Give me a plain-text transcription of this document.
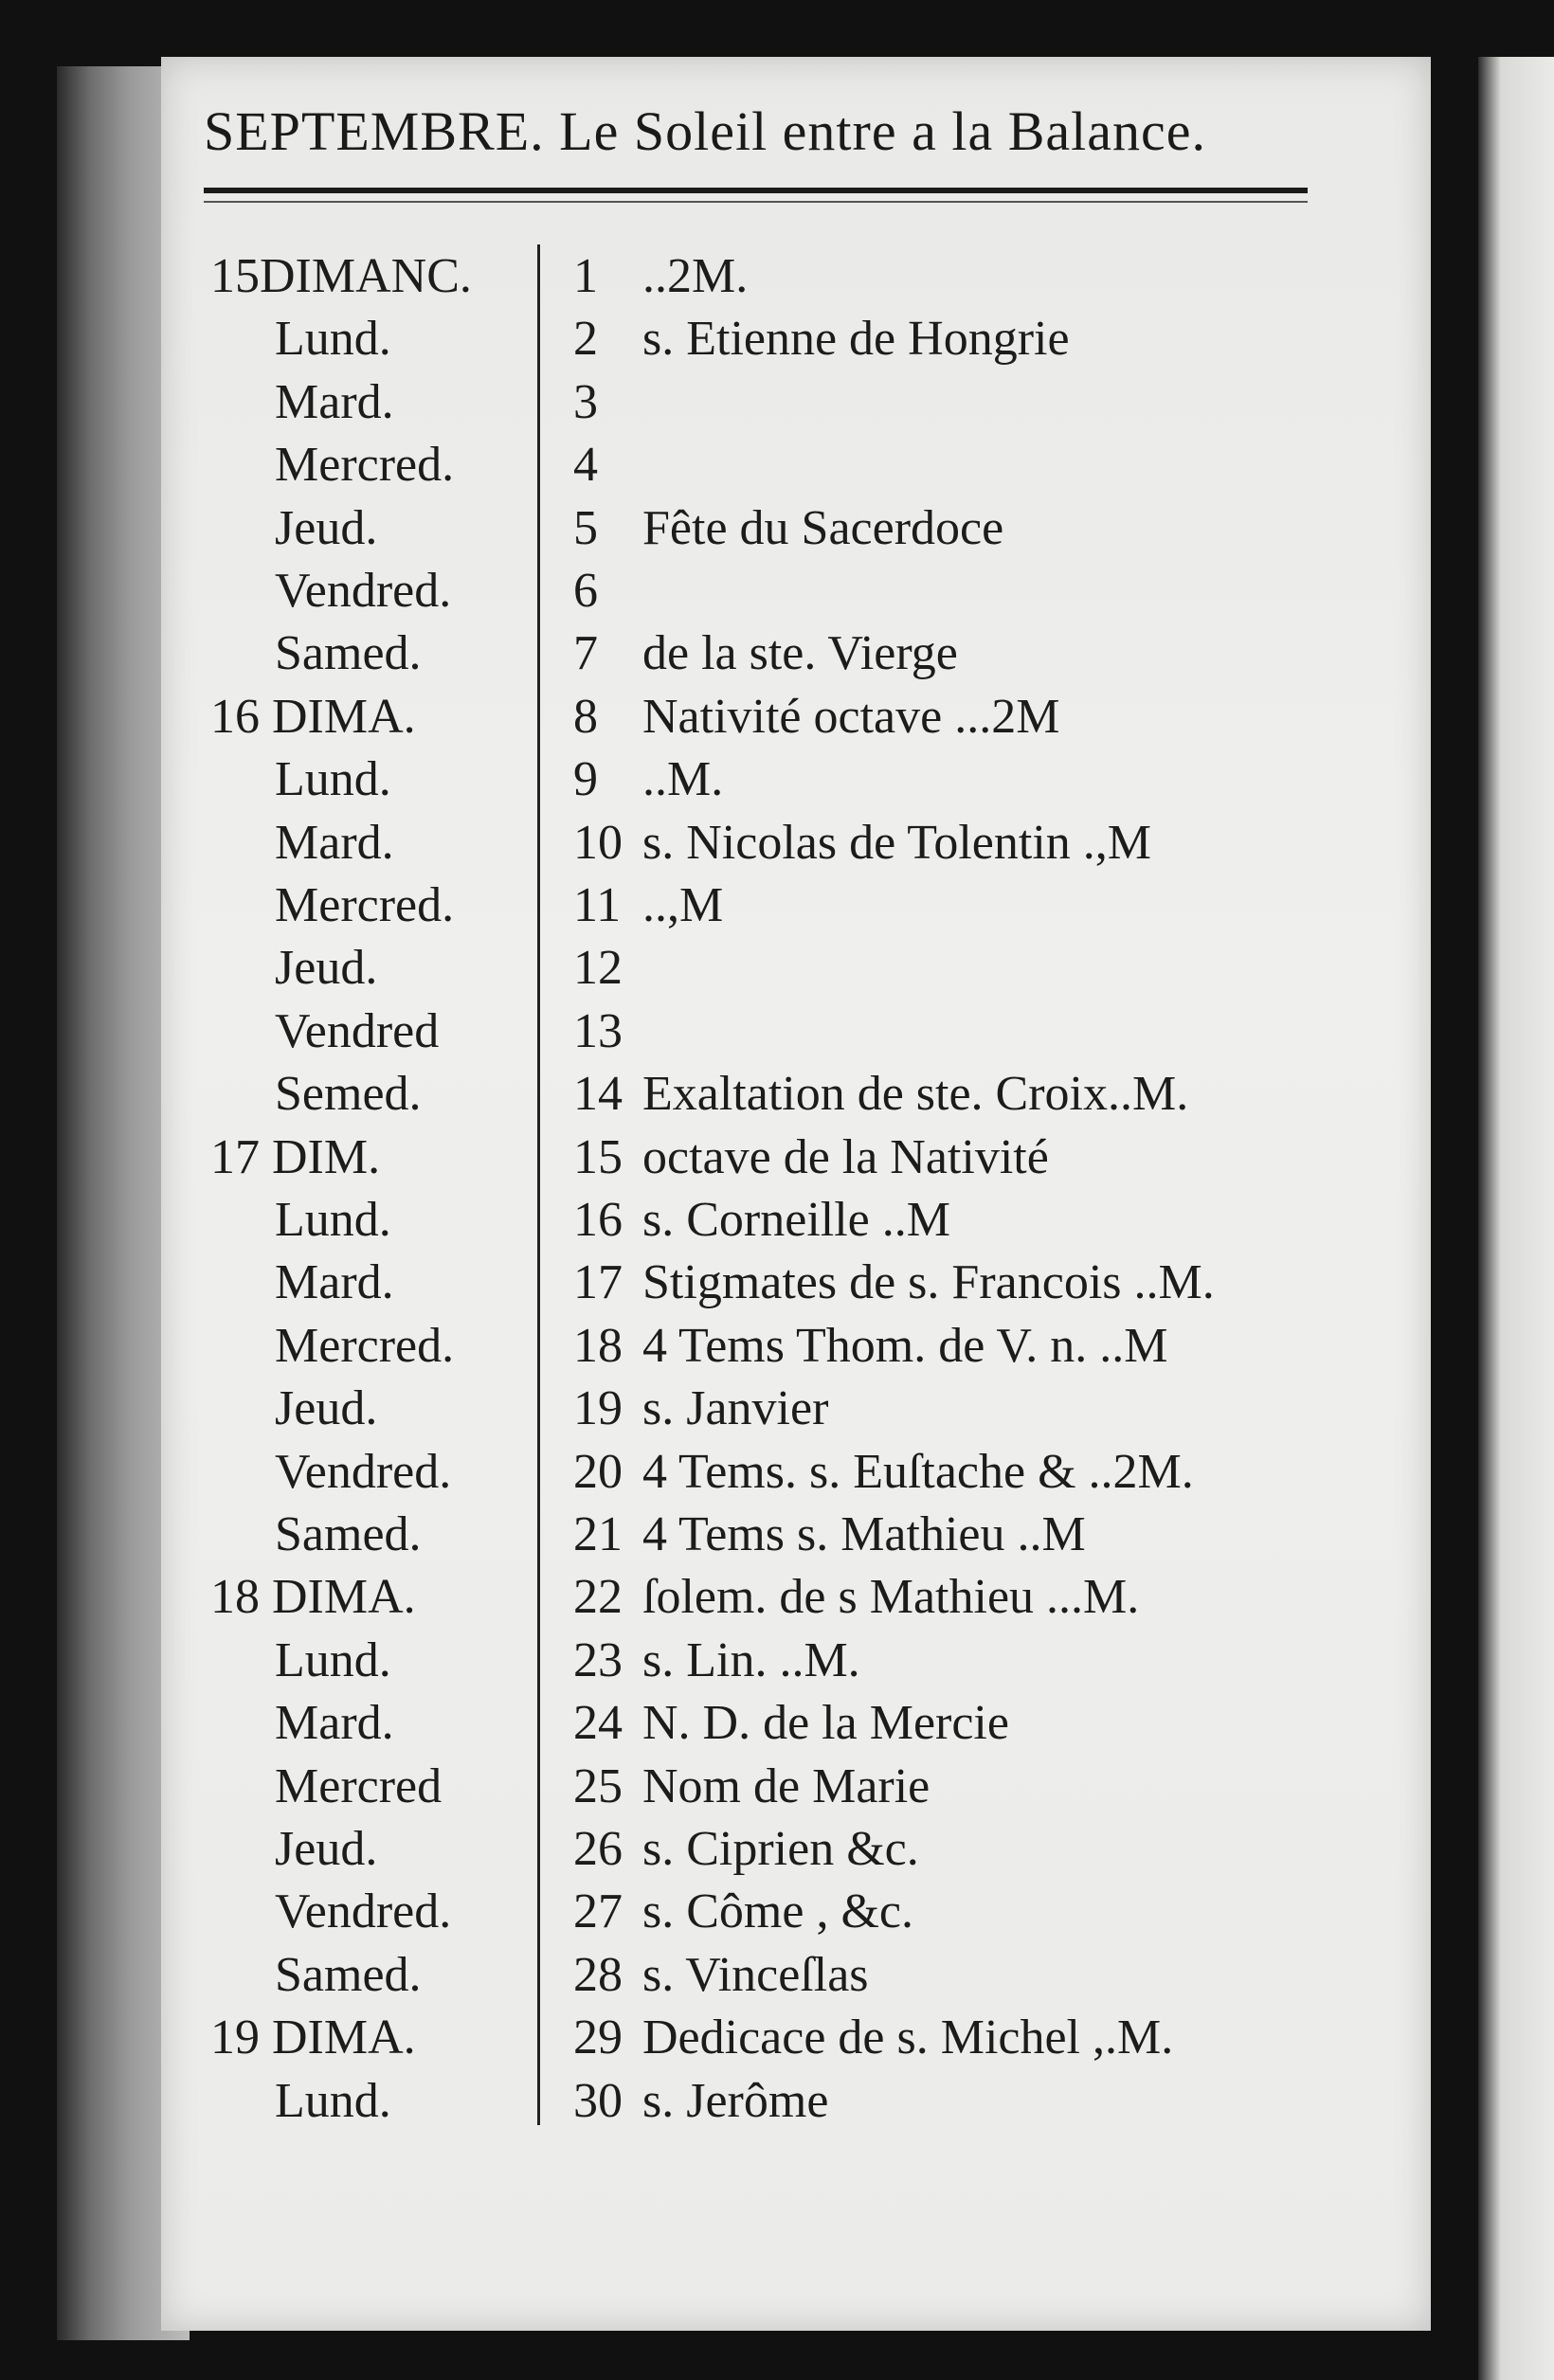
SEPTEMBRE. Le Soleil entre a la Balance.
15DIMANC. 1 ..2M.
Lund.	2 s. Etienne de Hongrie
Mard.	3
Mercred. 4
Jeud.	5 Fête du Sacerdoce
Vendred. 6
Samed.	7 de la ste. Vierge
16 DIMA.	8 Nativité octave ...2M
Lund.	9 ..M.
Mard.	10 s. Nicolas de Tolentin .,M
Mercred. 11 ..,M
Jeud.	12
Vendred	13
Semed.	14 Exaltation de ste. Croix..M.
17 DIM.	15 octave de la Nativité
Lund.	16 s. Corneille ..M
Mard.	17 Stigmates de s. Francois ..M.
Mercred. 18 4 Tems Thom. de V. n. ..M
Jeud.	19 s. Janvier
Vendred. 20 4 Tems. s. Euſtache & ..2M.
Samed.	21 4 Tems s. Mathieu ..M
18 DIMA.	22 ſolem. de s Mathieu ...M.
Lund.	23 s. Lin. ..M.
Mard.	24 N. D. de la Mercie
Mercred	25 Nom de Marie
Jeud.	26 s. Ciprien &c.
Vendred. 27 s. Côme , &c.
Samed.	28 s. Vinceſlas
19 DIMA.	29 Dedicace de s. Michel ,.M.
Lund.	30 s. Jerôme
